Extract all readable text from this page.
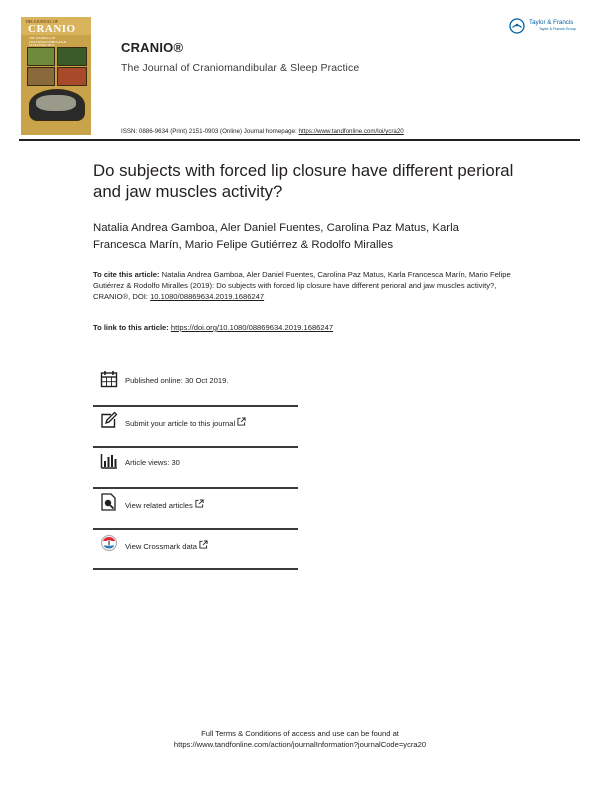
THE JOURNAL OF
CRANIO
THE JOURNAL OF CRANIOMANDIBULAR & SLEEP PRACTICE	CRANIO®
The Journal of Craniomandibular & Sleep Practice
ISSN: 0886-9634 (Print) 2151-0903 (Online) Journal homepage: https://www.tandfonline.com/loi/ycra20
Taylor & Francis
Taylor & Francis Group
Do subjects with forced lip closure have different perioral and jaw muscles activity?
Natalia Andrea Gamboa, Aler Daniel Fuentes, Carolina Paz Matus, Karla Francesca Marín, Mario Felipe Gutiérrez & Rodolfo Miralles
To cite this article: Natalia Andrea Gamboa, Aler Daniel Fuentes, Carolina Paz Matus, Karla Francesca Marín, Mario Felipe Gutiérrez & Rodolfo Miralles (2019): Do subjects with forced lip closure have different perioral and jaw muscles activity?, CRANIO®, DOI: 10.1080/08869634.2019.1686247
To link to this article: https://doi.org/10.1080/08869634.2019.1686247
Published online: 30 Oct 2019.
Submit your article to this journal
Article views: 30
View related articles
View Crossmark data
Full Terms & Conditions of access and use can be found at
https://www.tandfonline.com/action/journalInformation?journalCode=ycra20
